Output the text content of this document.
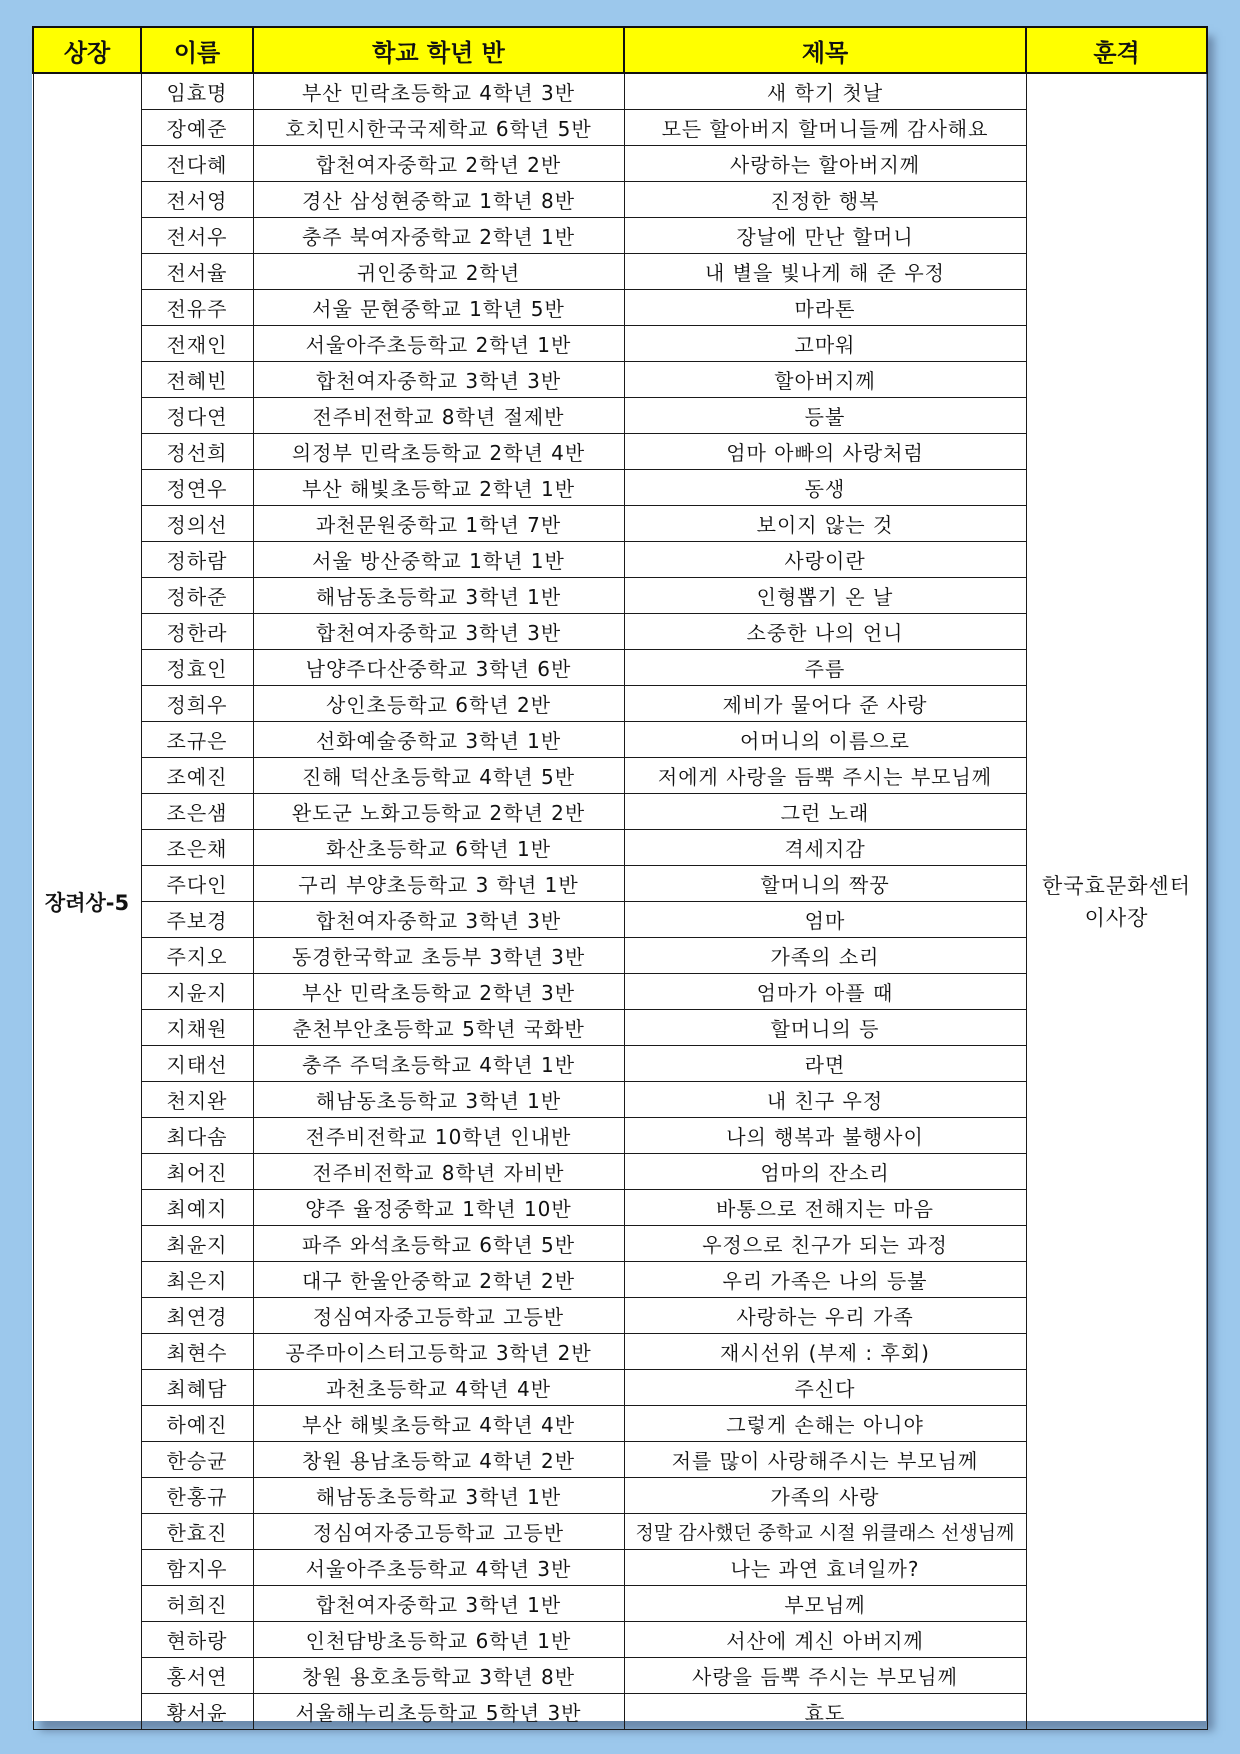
상장	이름	학교 학년 반	제목	훈격
장려상-5	임효명	부산 민락초등학교 4학년 3반	새 학기 첫날	한국효문화센터
이사장

	장예준	호치민시한국국제학교 6학년 5반	모든 할아버지 할머니들께 감사해요	
	전다혜	합천여자중학교 2학년 2반	사랑하는 할아버지께	
	전서영	경산 삼성현중학교 1학년 8반	진정한 행복	
	전서우	충주 북여자중학교 2학년 1반	장날에 만난 할머니	
	전서율	귀인중학교 2학년	내 별을 빛나게 해 준 우정	
	전유주	서울 문현중학교 1학년 5반	마라톤	
	전재인	서울아주초등학교 2학년 1반	고마워	
	전혜빈	합천여자중학교 3학년 3반	할아버지께	
	정다연	전주비전학교 8학년 절제반	등불	
	정선희	의정부 민락초등학교 2학년 4반	엄마 아빠의 사랑처럼	
	정연우	부산 해빛초등학교 2학년 1반	동생	
	정의선	과천문원중학교 1학년 7반	보이지 않는 것	
	정하람	서울 방산중학교 1학년 1반	사랑이란	
	정하준	해남동초등학교 3학년 1반	인형뽑기 온 날	
	정한라	합천여자중학교 3학년 3반	소중한 나의 언니	
	정효인	남양주다산중학교 3학년 6반	주름	
	정희우	상인초등학교 6학년 2반	제비가 물어다 준 사랑	
	조규은	선화예술중학교 3학년 1반	어머니의 이름으로	
	조예진	진해 덕산초등학교 4학년 5반	저에게 사랑을 듬뿍 주시는 부모님께	
	조은샘	완도군 노화고등학교 2학년 2반	그런 노래	
	조은채	화산초등학교 6학년 1반	격세지감	
	주다인	구리 부양초등학교 3 학년 1반	할머니의 짝꿍	
	주보경	합천여자중학교 3학년 3반	엄마	
	주지오	동경한국학교 초등부 3학년 3반	가족의 소리	
	지윤지	부산 민락초등학교 2학년 3반	엄마가 아플 때	
	지채원	춘천부안초등학교 5학년 국화반	할머니의 등	
	지태선	충주 주덕초등학교 4학년 1반	라면	
	천지완	해남동초등학교 3학년 1반	내 친구 우정	
	최다솜	전주비전학교 10학년 인내반	나의 행복과 불행사이	
	최어진	전주비전학교 8학년 자비반	엄마의 잔소리	
	최예지	양주 율정중학교 1학년 10반	바통으로 전해지는 마음	
	최윤지	파주 와석초등학교 6학년 5반	우정으로 친구가 되는 과정	
	최은지	대구 한울안중학교 2학년 2반	우리 가족은 나의 등불	
	최연경	정심여자중고등학교 고등반	사랑하는 우리 가족	
	최현수	공주마이스터고등학교 3학년 2반	재시선위 (부제 : 후회)	
	최혜담	과천초등학교 4학년 4반	주신다	
	하예진	부산 해빛초등학교 4학년 4반	그렇게 손해는 아니야	
	한승균	창원 용남초등학교 4학년 2반	저를 많이 사랑해주시는 부모님께	
	한홍규	해남동초등학교 3학년 1반	가족의 사랑	
	한효진	정심여자중고등학교 고등반	정말 감사했던 중학교 시절 위클래스 선생님께	
	함지우	서울아주초등학교 4학년 3반	나는 과연 효녀일까?	
	허희진	합천여자중학교 3학년 1반	부모님께	
	현하랑	인천담방초등학교 6학년 1반	서산에 계신 아버지께	
	홍서연	창원 용호초등학교 3학년 8반	사랑을 듬뿍 주시는 부모님께	
	황서윤	서울해누리초등학교 5학년 3반	효도	
